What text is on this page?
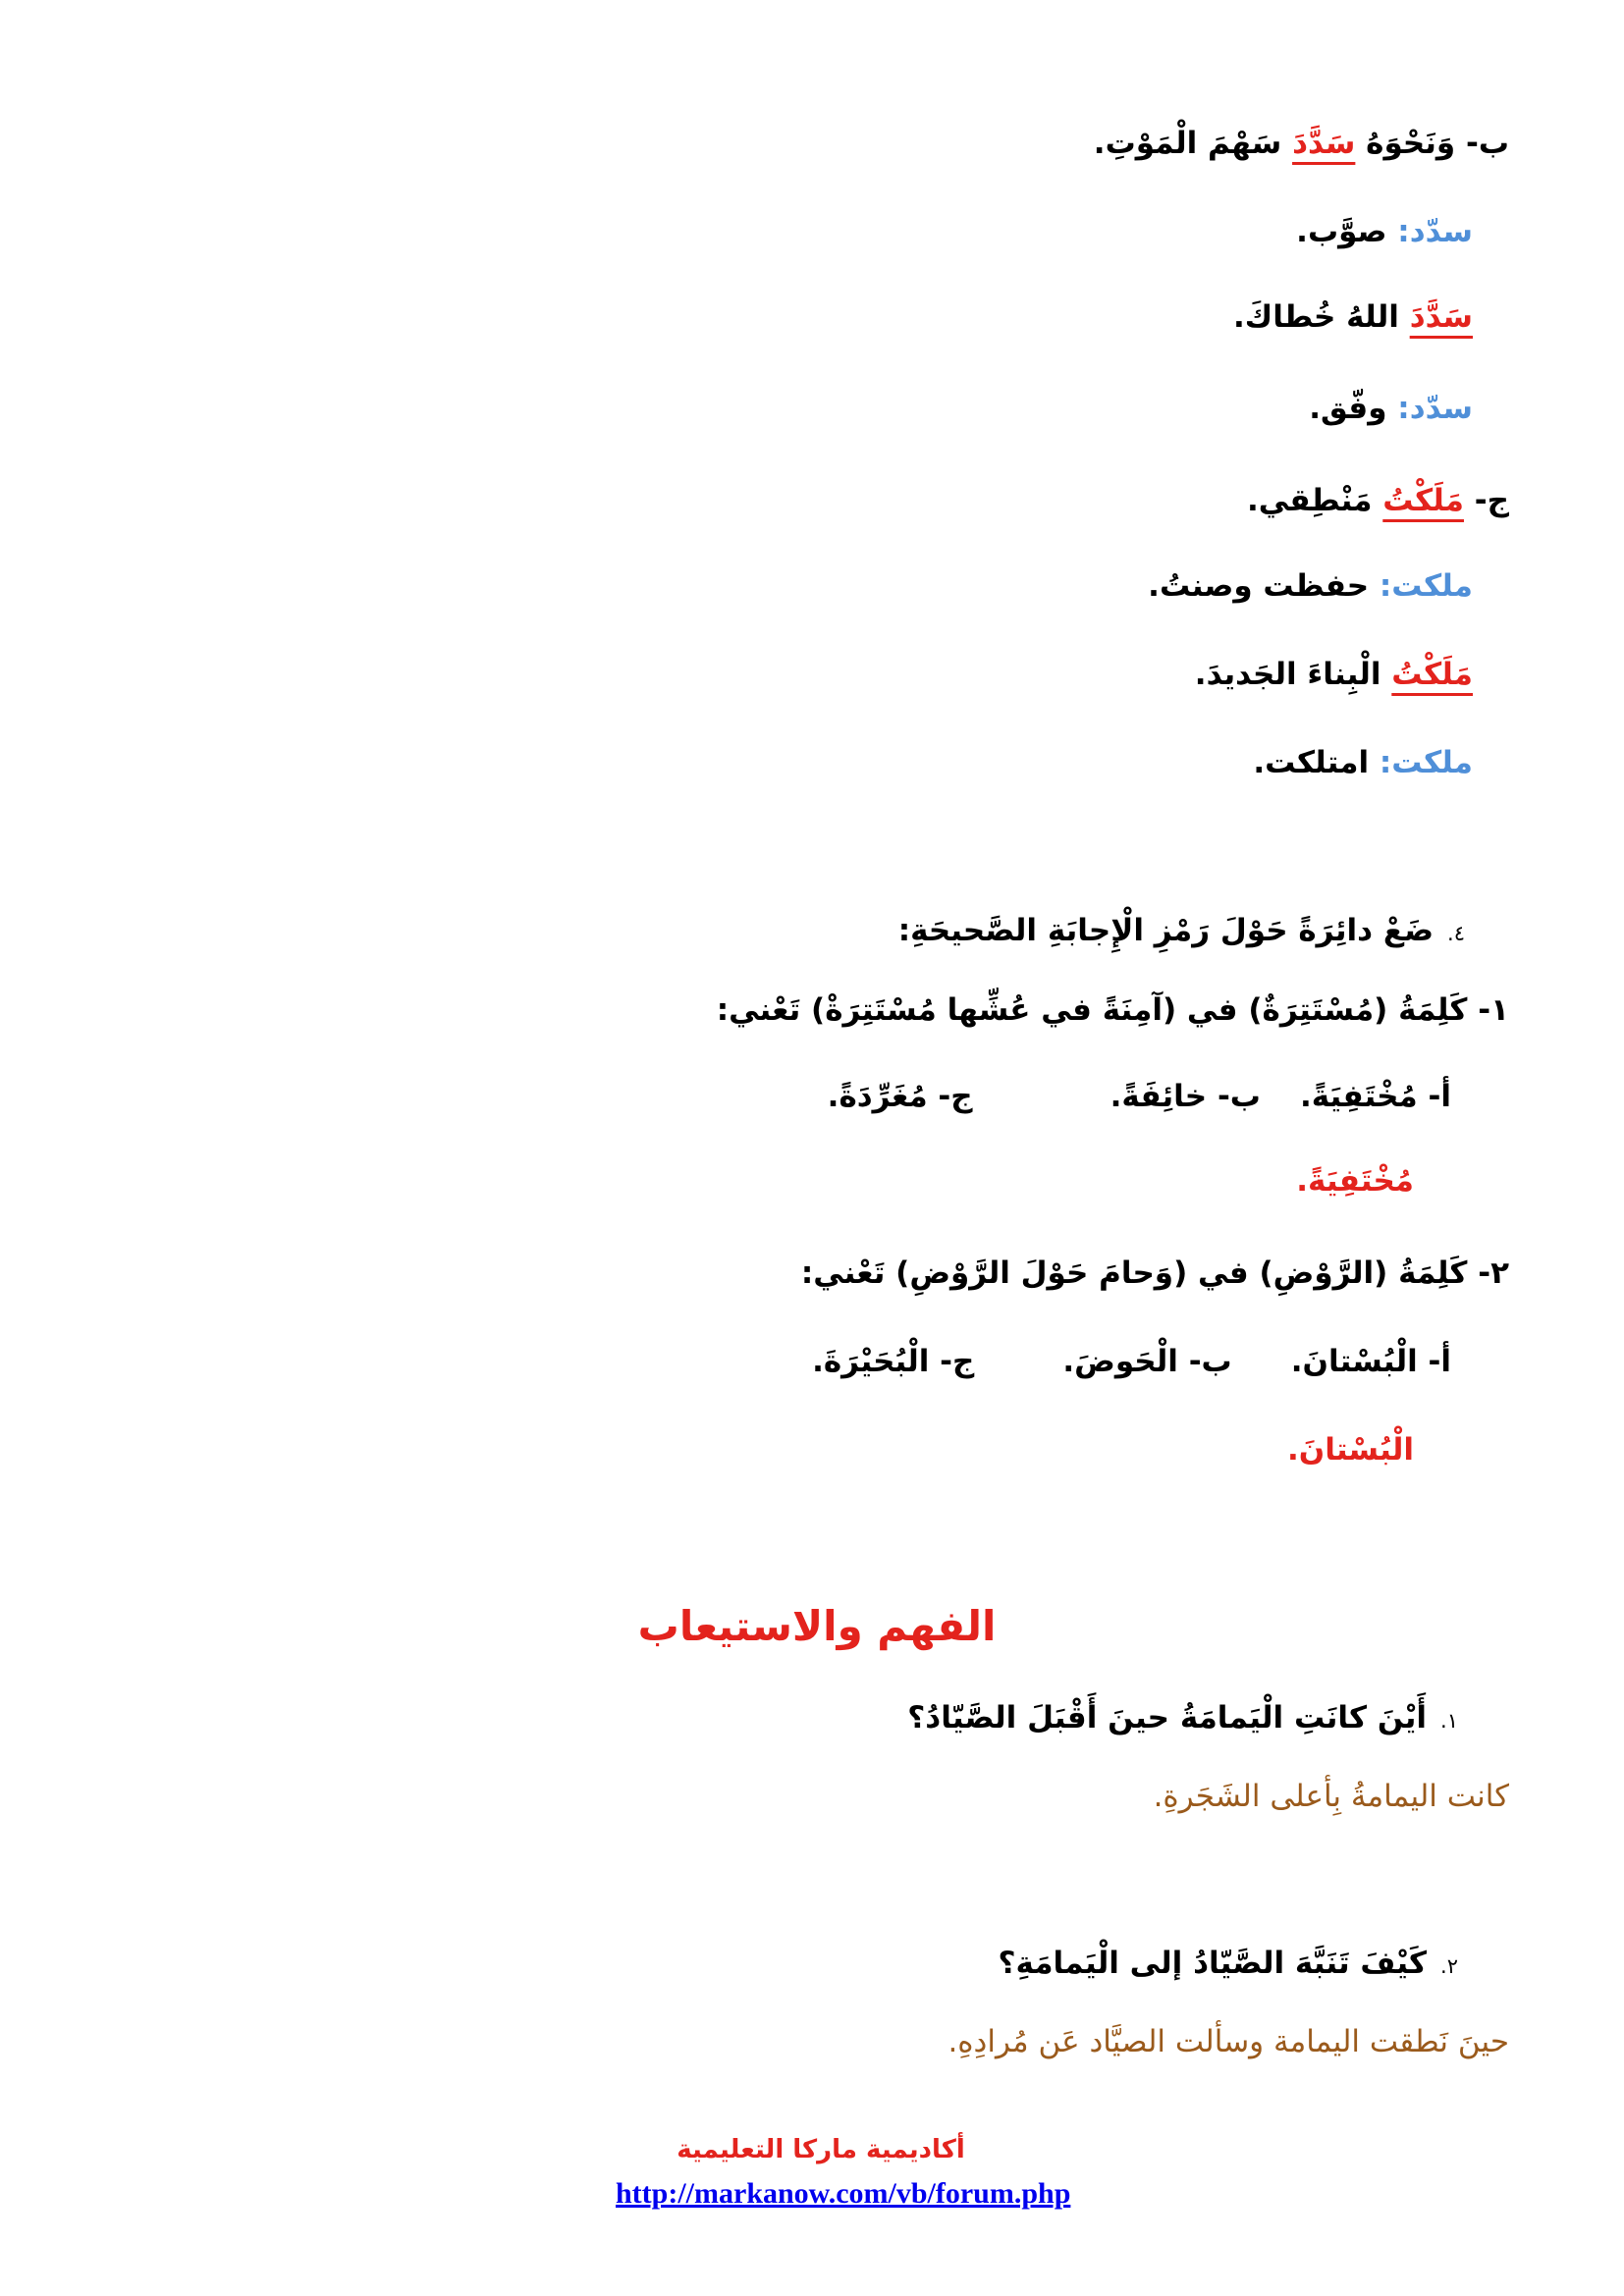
ب- وَنَحْوَهُ سَدَّدَ سَهْمَ الْمَوْتِ.
سدّد: صوَّب.
سَدَّدَ اللهُ خُطاكَ.
سدّد: وفّق.
ج- مَلَكْتُ مَنْطِقي.
ملكت: حفظت وصنتُ.
مَلَكْتُ الْبِناءَ الجَديدَ.
ملكت: امتلكت.
٤.ضَعْ دائِرَةً حَوْلَ رَمْزِ الْإِجابَةِ الصَّحيحَةِ:
١- كَلِمَةُ (مُسْتَتِرَةٌ) في (آمِنَةً في عُشِّها مُسْتَتِرَةْ) تَعْني:
أ- مُخْتَفِيَةً.
ب- خائِفَةً.
ج- مُغَرِّدَةً.
مُخْتَفِيَةً.
٢- كَلِمَةُ (الرَّوْضِ) في (وَحامَ حَوْلَ الرَّوْضِ) تَعْني:
أ- الْبُسْتانَ.
ب- الْحَوضَ.
ج- الْبُحَيْرَةَ.
الْبُسْتانَ.
الفهم والاستيعاب
١.أَيْنَ كانَتِ الْيَمامَةُ حينَ أَقْبَلَ الصَّيّادُ؟
كانت اليمامةُ بِأعلى الشَجَرةِ.
٢.كَيْفَ تَنَبَّهَ الصَّيّادُ إلى الْيَمامَةِ؟
حينَ نَطقت اليمامة وسألت الصيَّاد عَن مُرادِهِ.
أكاديمية ماركا التعليمية
http://markanow.com/vb/forum.php
